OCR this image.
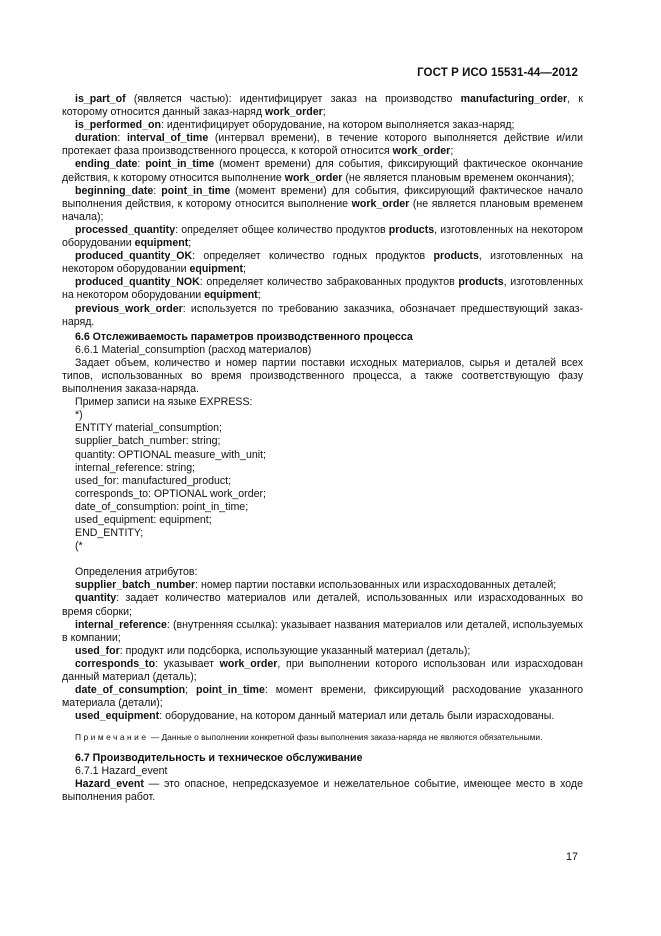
ГОСТ Р ИСО 15531-44—2012

is_part_of (является частью): идентифицирует заказ на производство manufacturing_order, к которому относится данный заказ-наряд work_order;

is_performed_on: идентифицирует оборудование, на котором выполняется заказ-наряд;

duration: interval_of_time (интервал времени), в течение которого выполняется действие и/или протекает фаза производственного процесса, к которой относится work_order;

ending_date: point_in_time (момент времени) для события, фиксирующий фактическое окончание действия, к которому относится выполнение work_order (не является плановым временем окончания);

beginning_date: point_in_time (момент времени) для события, фиксирующий фактическое начало выполнения действия, к которому относится выполнение work_order (не является плановым временем начала);

processed_quantity: определяет общее количество продуктов products, изготовленных на некотором оборудовании equipment;

produced_quantity_OK: определяет количество годных продуктов products, изготовленных на некотором оборудовании equipment;

produced_quantity_NOK: определяет количество забракованных продуктов products, изготовленных на некотором оборудовании equipment;

previous_work_order: используется по требованию заказчика, обозначает предшествующий заказ-наряд.

6.6 Отслеживаемость параметров производственного процесса
6.6.1 Material_consumption (расход материалов)

Задает объем, количество и номер партии поставки исходных материалов, сырья и деталей всех типов, использованных во время производственного процесса, а также соответствующую фазу выполнения заказа-наряда.

Пример записи на языке EXPRESS:
*)
ENTITY material_consumption;
supplier_batch_number: string;
quantity: OPTIONAL measure_with_unit;
internal_reference: string;
used_for: manufactured_product;
corresponds_to: OPTIONAL work_order;
date_of_consumption: point_in_time;
used_equipment: equipment;
END_ENTITY;
(*
Определения атрибутов:

supplier_batch_number: номер партии поставки использованных или израсходованных деталей;

quantity: задает количество материалов или деталей, использованных или израсходованных во время сборки;

internal_reference: (внутренняя ссылка): указывает названия материалов или деталей, используемых в компании;

used_for: продукт или подсборка, использующие указанный материал (деталь);

corresponds_to: указывает work_order, при выполнении которого использован или израсходован данный материал (деталь);

date_of_consumption; point_in_time: момент времени, фиксирующий расходование указанного материала (детали);

used_equipment: оборудование, на котором данный материал или деталь были израсходованы.

Примечание — Данные о выполнении конкретной фазы выполнения заказа-наряда не являются обязательными.

6.7 Производительность и техническое обслуживание
6.7.1 Hazard_event

Hazard_event — это опасное, непредсказуемое и нежелательное событие, имеющее место в ходе выполнения работ.

17
